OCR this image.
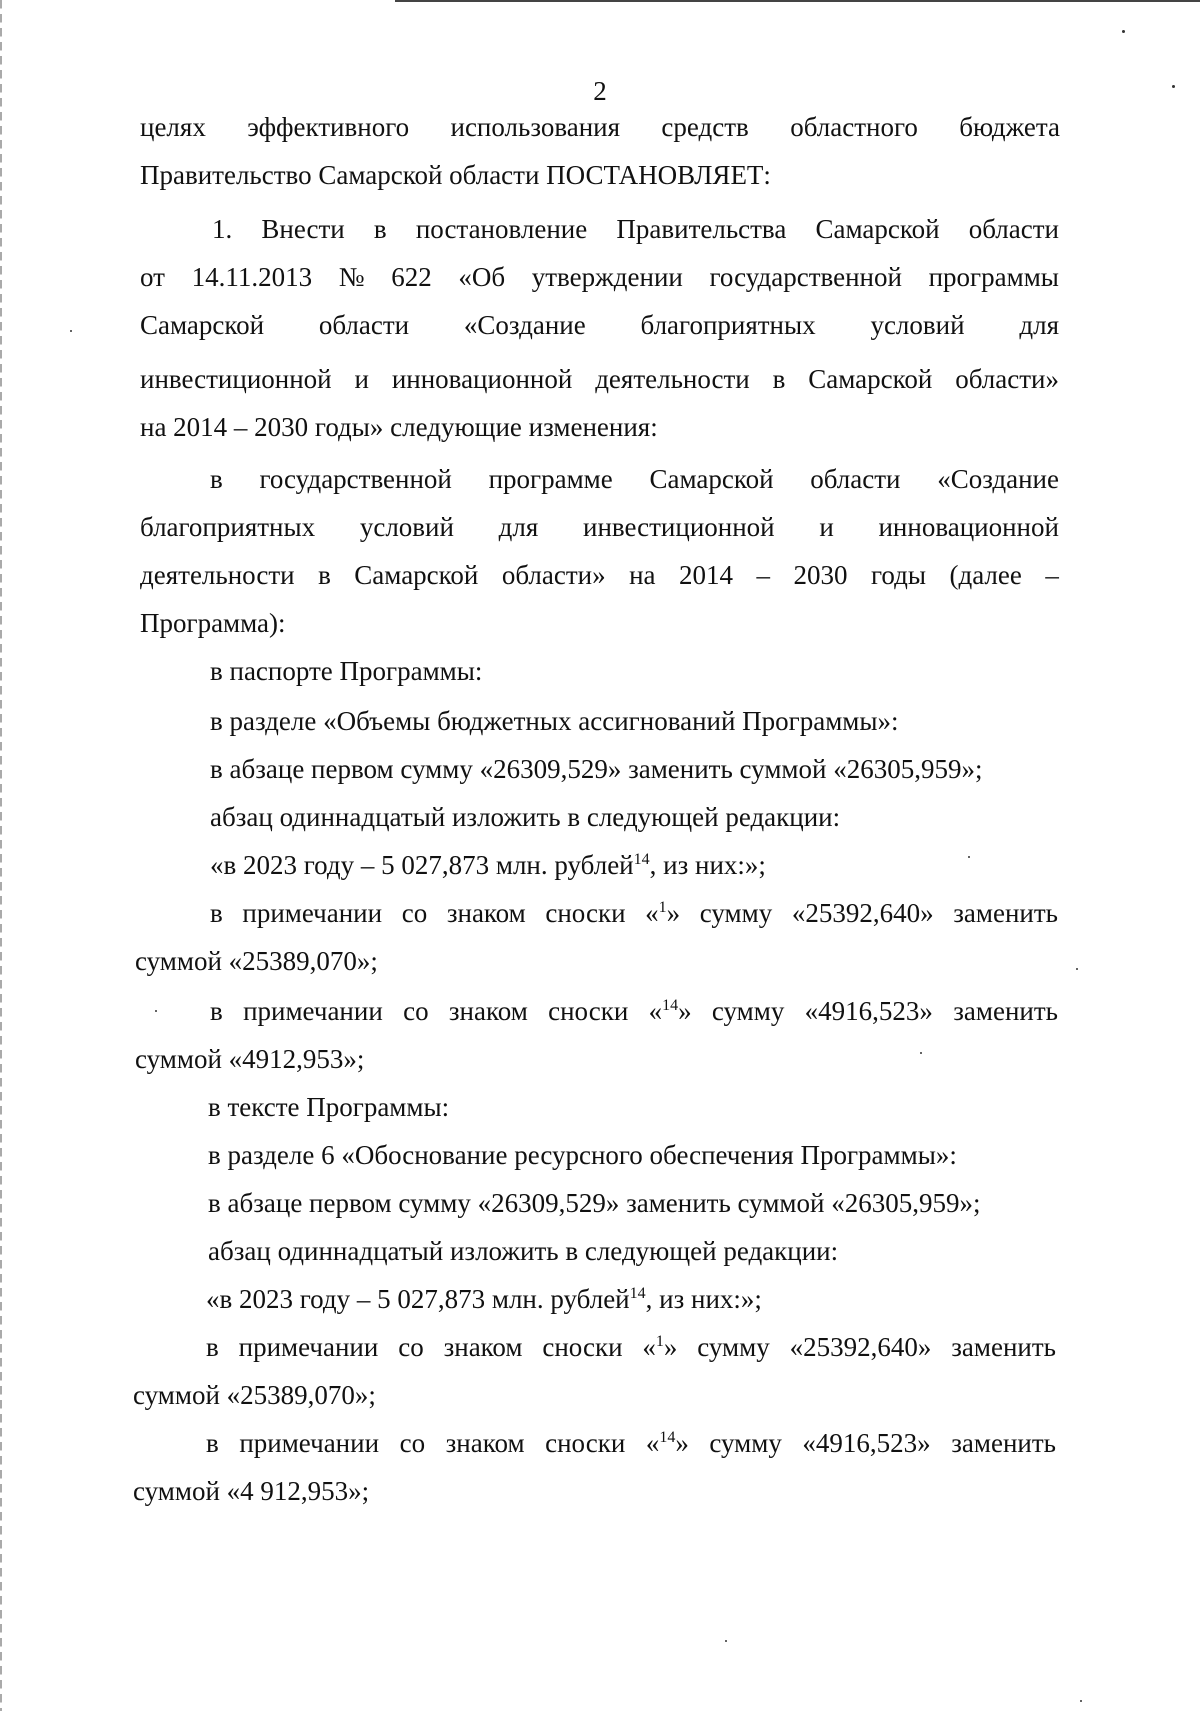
2
целях эффективного использования средств областного бюджета
Правительство Самарской области ПОСТАНОВЛЯЕТ:
1. Внести в постановление Правительства Самарской области
от 14.11.2013 № 622 «Об утверждении государственной программы
Самарской области «Создание благоприятных условий для
инвестиционной и инновационной деятельности в Самарской области»
на 2014 – 2030 годы» следующие изменения:
в государственной программе Самарской области «Создание
благоприятных условий для инвестиционной и инновационной
деятельности в Самарской области» на 2014 – 2030 годы (далее –
Программа):
в паспорте Программы:
в разделе «Объемы бюджетных ассигнований Программы»:
в абзаце первом сумму «26309,529» заменить суммой «26305,959»;
абзац одиннадцатый изложить в следующей редакции:
«в 2023 году – 5 027,873 млн. рублей$^{14}$, из них:»;
в примечании со знаком сноски «$^1$» сумму «25392,640» заменить
суммой «25389,070»;
в примечании со знаком сноски «$^{14}$» сумму «4916,523» заменить
суммой «4912,953»;
в тексте Программы:
в разделе 6 «Обоснование ресурсного обеспечения Программы»:
в абзаце первом сумму «26309,529» заменить суммой «26305,959»;
абзац одиннадцатый изложить в следующей редакции:
«в 2023 году – 5 027,873 млн. рублей$^{14}$, из них:»;
в примечании со знаком сноски «$^1$» сумму «25392,640» заменить
суммой «25389,070»;
в примечании со знаком сноски «$^{14}$» сумму «4916,523» заменить
суммой «4 912,953»;
